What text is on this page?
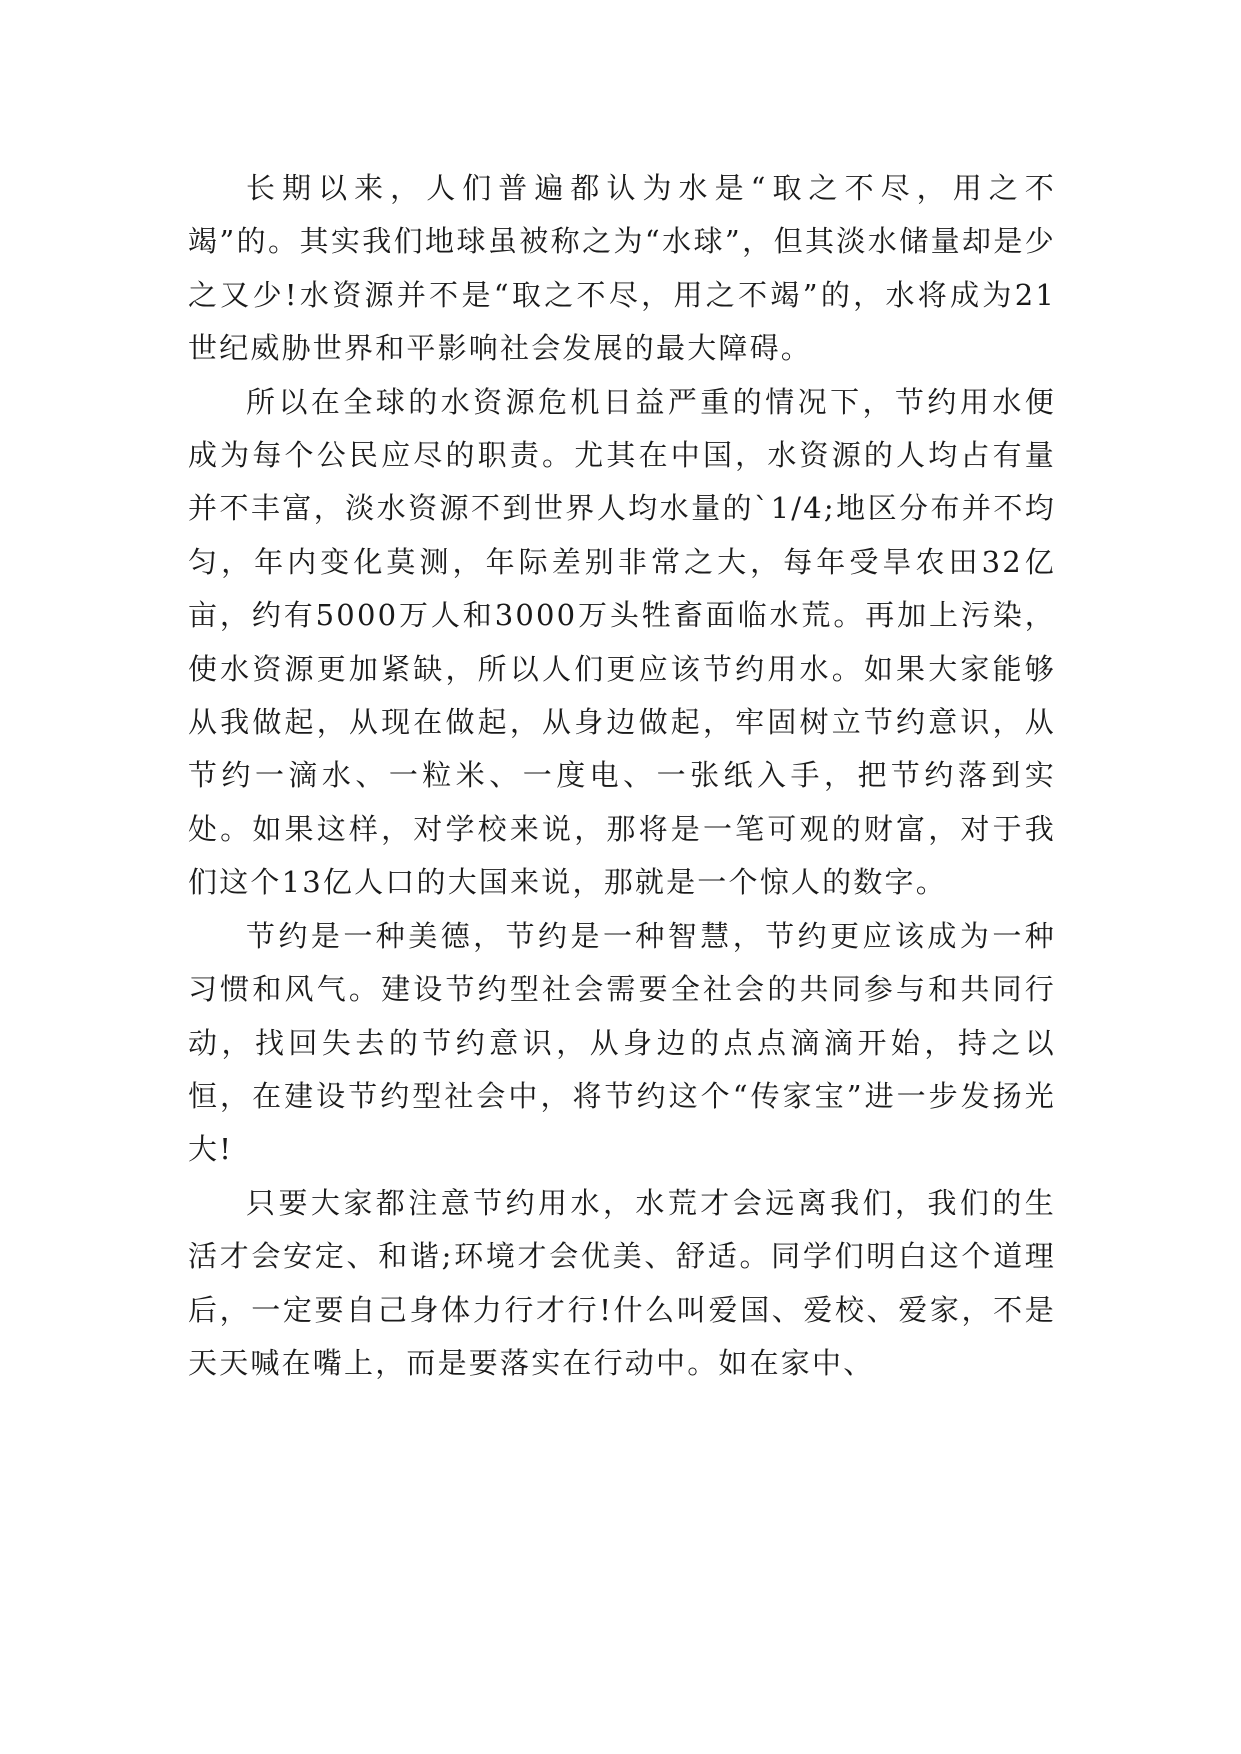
长期以来，人们普遍都认为水是“取之不尽，用之不竭”的。其实我们地球虽被称之为“水球”，但其淡水储量却是少之又少!水资源并不是“取之不尽，用之不竭”的，水将成为21世纪威胁世界和平影响社会发展的最大障碍。

所以在全球的水资源危机日益严重的情况下，节约用水便成为每个公民应尽的职责。尤其在中国，水资源的人均占有量并不丰富，淡水资源不到世界人均水量的`1/4;地区分布并不均匀，年内变化莫测，年际差别非常之大，每年受旱农田32亿亩，约有5000万人和3000万头牲畜面临水荒。再加上污染，使水资源更加紧缺，所以人们更应该节约用水。如果大家能够从我做起，从现在做起，从身边做起，牢固树立节约意识，从节约一滴水、一粒米、一度电、一张纸入手，把节约落到实处。如果这样，对学校来说，那将是一笔可观的财富，对于我们这个13亿人口的大国来说，那就是一个惊人的数字。

节约是一种美德，节约是一种智慧，节约更应该成为一种习惯和风气。建设节约型社会需要全社会的共同参与和共同行动，找回失去的节约意识，从身边的点点滴滴开始，持之以恒，在建设节约型社会中，将节约这个“传家宝”进一步发扬光大!

只要大家都注意节约用水，水荒才会远离我们，我们的生活才会安定、和谐;环境才会优美、舒适。同学们明白这个道理后，一定要自己身体力行才行!什么叫爱国、爱校、爱家，不是天天喊在嘴上，而是要落实在行动中。如在家中、
